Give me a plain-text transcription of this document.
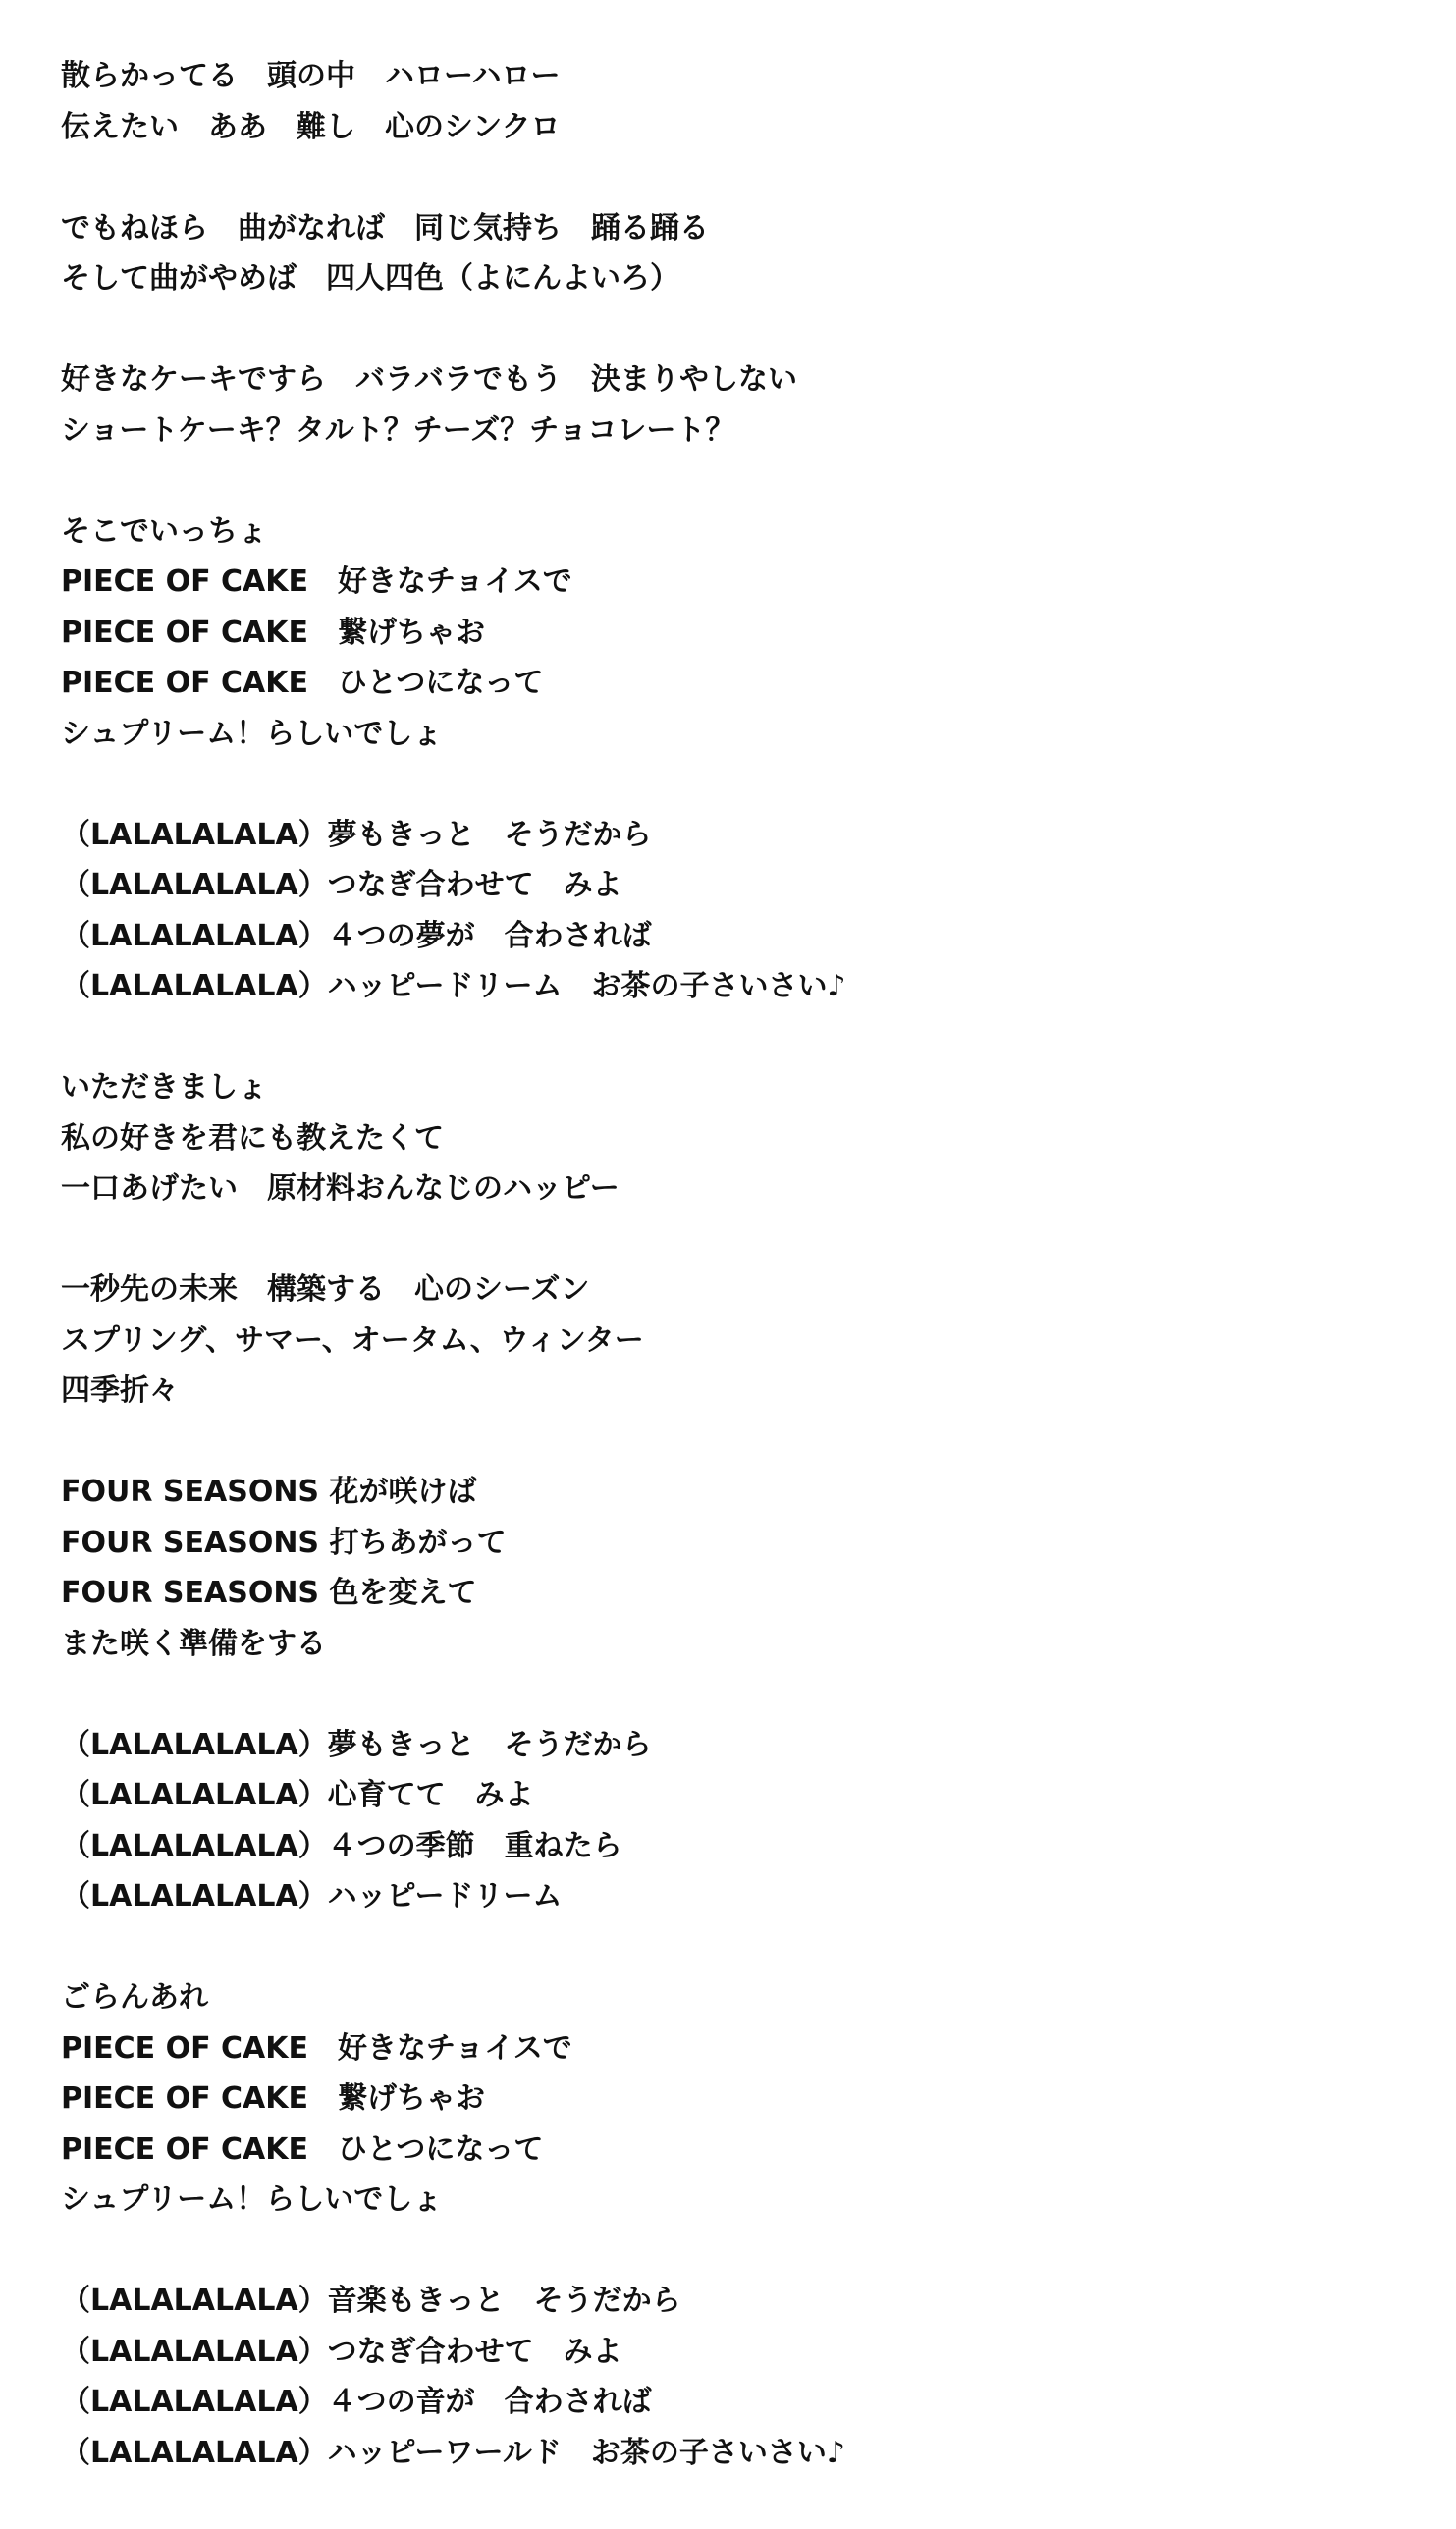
散らかってる　頭の中　ハローハロー
伝えたい　ああ　難し　心のシンクロ
でもねほら　曲がなれば　同じ気持ち　踊る踊る
そして曲がやめば　四人四色（よにんよいろ）
好きなケーキですら　バラバラでもう　決まりやしない
ショートケーキ？タルト？チーズ？チョコレート？
そこでいっちょ
PIECE OF CAKE　好きなチョイスで
PIECE OF CAKE　繋げちゃお
PIECE OF CAKE　ひとつになって
シュプリーム！らしいでしょ
（LALALALALA）夢もきっと　そうだから
（LALALALALA）つなぎ合わせて　みよ
（LALALALALA）４つの夢が　合わされば
（LALALALALA）ハッピードリーム　お茶の子さいさい♪
いただきましょ
私の好きを君にも教えたくて
一口あげたい　原材料おんなじのハッピー
一秒先の未来　構築する　心のシーズン
スプリング、サマー、オータム、ウィンター
四季折々
FOUR SEASONS 花が咲けば
FOUR SEASONS 打ちあがって
FOUR SEASONS 色を変えて
また咲く準備をする
（LALALALALA）夢もきっと　そうだから
（LALALALALA）心育てて　みよ
（LALALALALA）４つの季節　重ねたら
（LALALALALA）ハッピードリーム
ごらんあれ
PIECE OF CAKE　好きなチョイスで
PIECE OF CAKE　繋げちゃお
PIECE OF CAKE　ひとつになって
シュプリーム！らしいでしょ
（LALALALALA）音楽もきっと　そうだから
（LALALALALA）つなぎ合わせて　みよ
（LALALALALA）４つの音が　合わされば
（LALALALALA）ハッピーワールド　お茶の子さいさい♪
